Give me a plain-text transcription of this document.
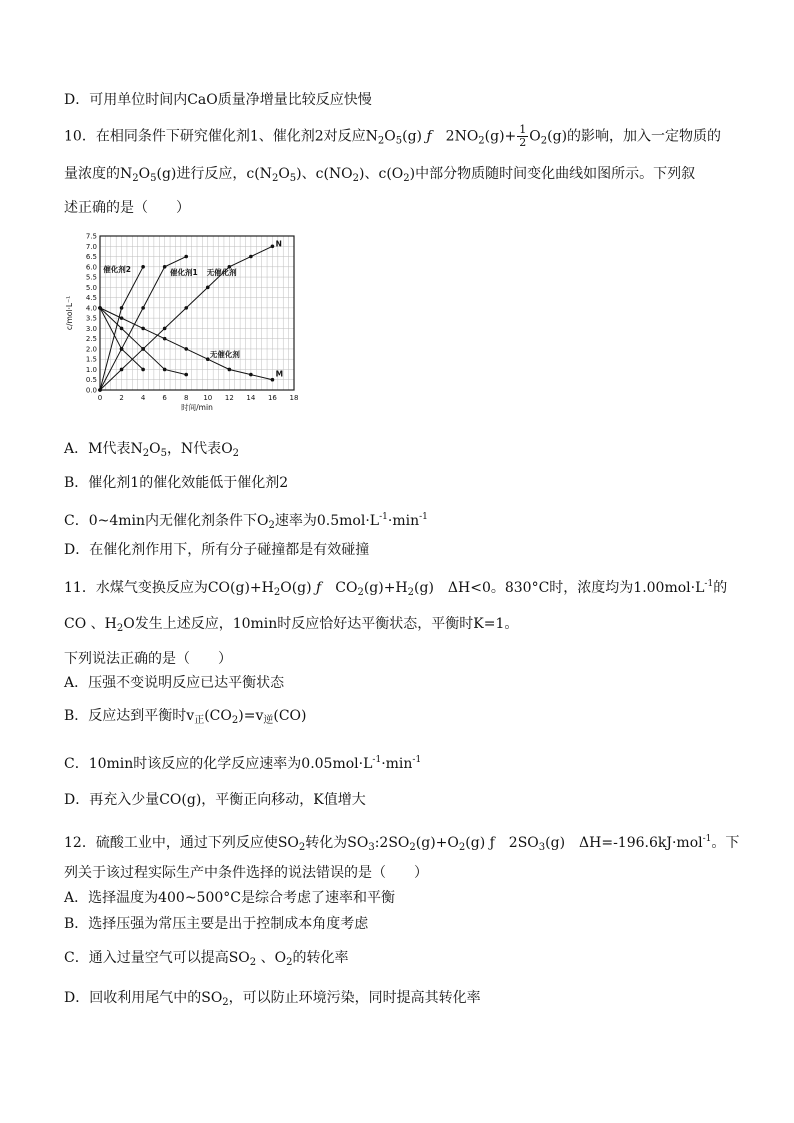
D．可用单位时间内CaO质量净增量比较反应快慢
10．在相同条件下研究催化剂1、催化剂2对反应$N_2O_5(g)$ ƒ　$2NO_2(g)+ \frac{1}{2} O_2(g)$的影响，加入一定物质的
量浓度的$N_2O_5(g)$进行反应，$c(N_2O_5)$、$c(NO_2)$、$c(O_2)$中部分物质随时间变化曲线如图所示。下列叙
述正确的是（　　）
0 2 4 6 8 10 12 14 16 18
0.0
0.5
1.0
1.5
2.0
2.5
3.0
3.5
4.0
4.5
5.0
5.5
6.0
6.5
7.0
7.5
时间/min
c/mol·L⁻¹
催化剂2	催化剂1 无催化剂
无催化剂
N
M
A．M代表$N_2O_5$，N代表$O_2$
B．催化剂1的催化效能低于催化剂2
C．0~4min内无催化剂条件下$O_2$速率为$0.5mol\cdot L^{-1}\cdot\min^{-1}$
D．在催化剂作用下，所有分子碰撞都是有效碰撞
11．水煤气变换反应为$CO(g)+H_2O(g)$ ƒ　$CO_2(g)+H_2(g)$　ΔH<0。830°C时，浓度均为$1.00mol\cdot L^{-1}$的
CO 、$H_2O$发生上述反应，10min时反应恰好达平衡状态，平衡时K=1。
下列说法正确的是（　　）
A．压强不变说明反应已达平衡状态
B．反应达到平衡时$v_正(CO_2)=v_逆(CO)$
C．10min时该反应的化学反应速率为$0.05mol\cdot L^{-1}\cdot\min^{-1}$
D．再充入少量CO(g)，平衡正向移动，K值增大
12．硫酸工业中，通过下列反应使$SO_2$转化为$SO_3:2SO_2(g)+O_2(g)$ ƒ　$2SO_3(g)$　ΔH=-196.6kJ·mol$^{-1}$。下
列关于该过程实际生产中条件选择的说法错误的是（　　）
A．选择温度为400~500°C是综合考虑了速率和平衡
B．选择压强为常压主要是出于控制成本角度考虑
C．通入过量空气可以提高$SO_2$ 、$O_2$的转化率
D．回收利用尾气中的$SO_2$，可以防止环境污染，同时提高其转化率
